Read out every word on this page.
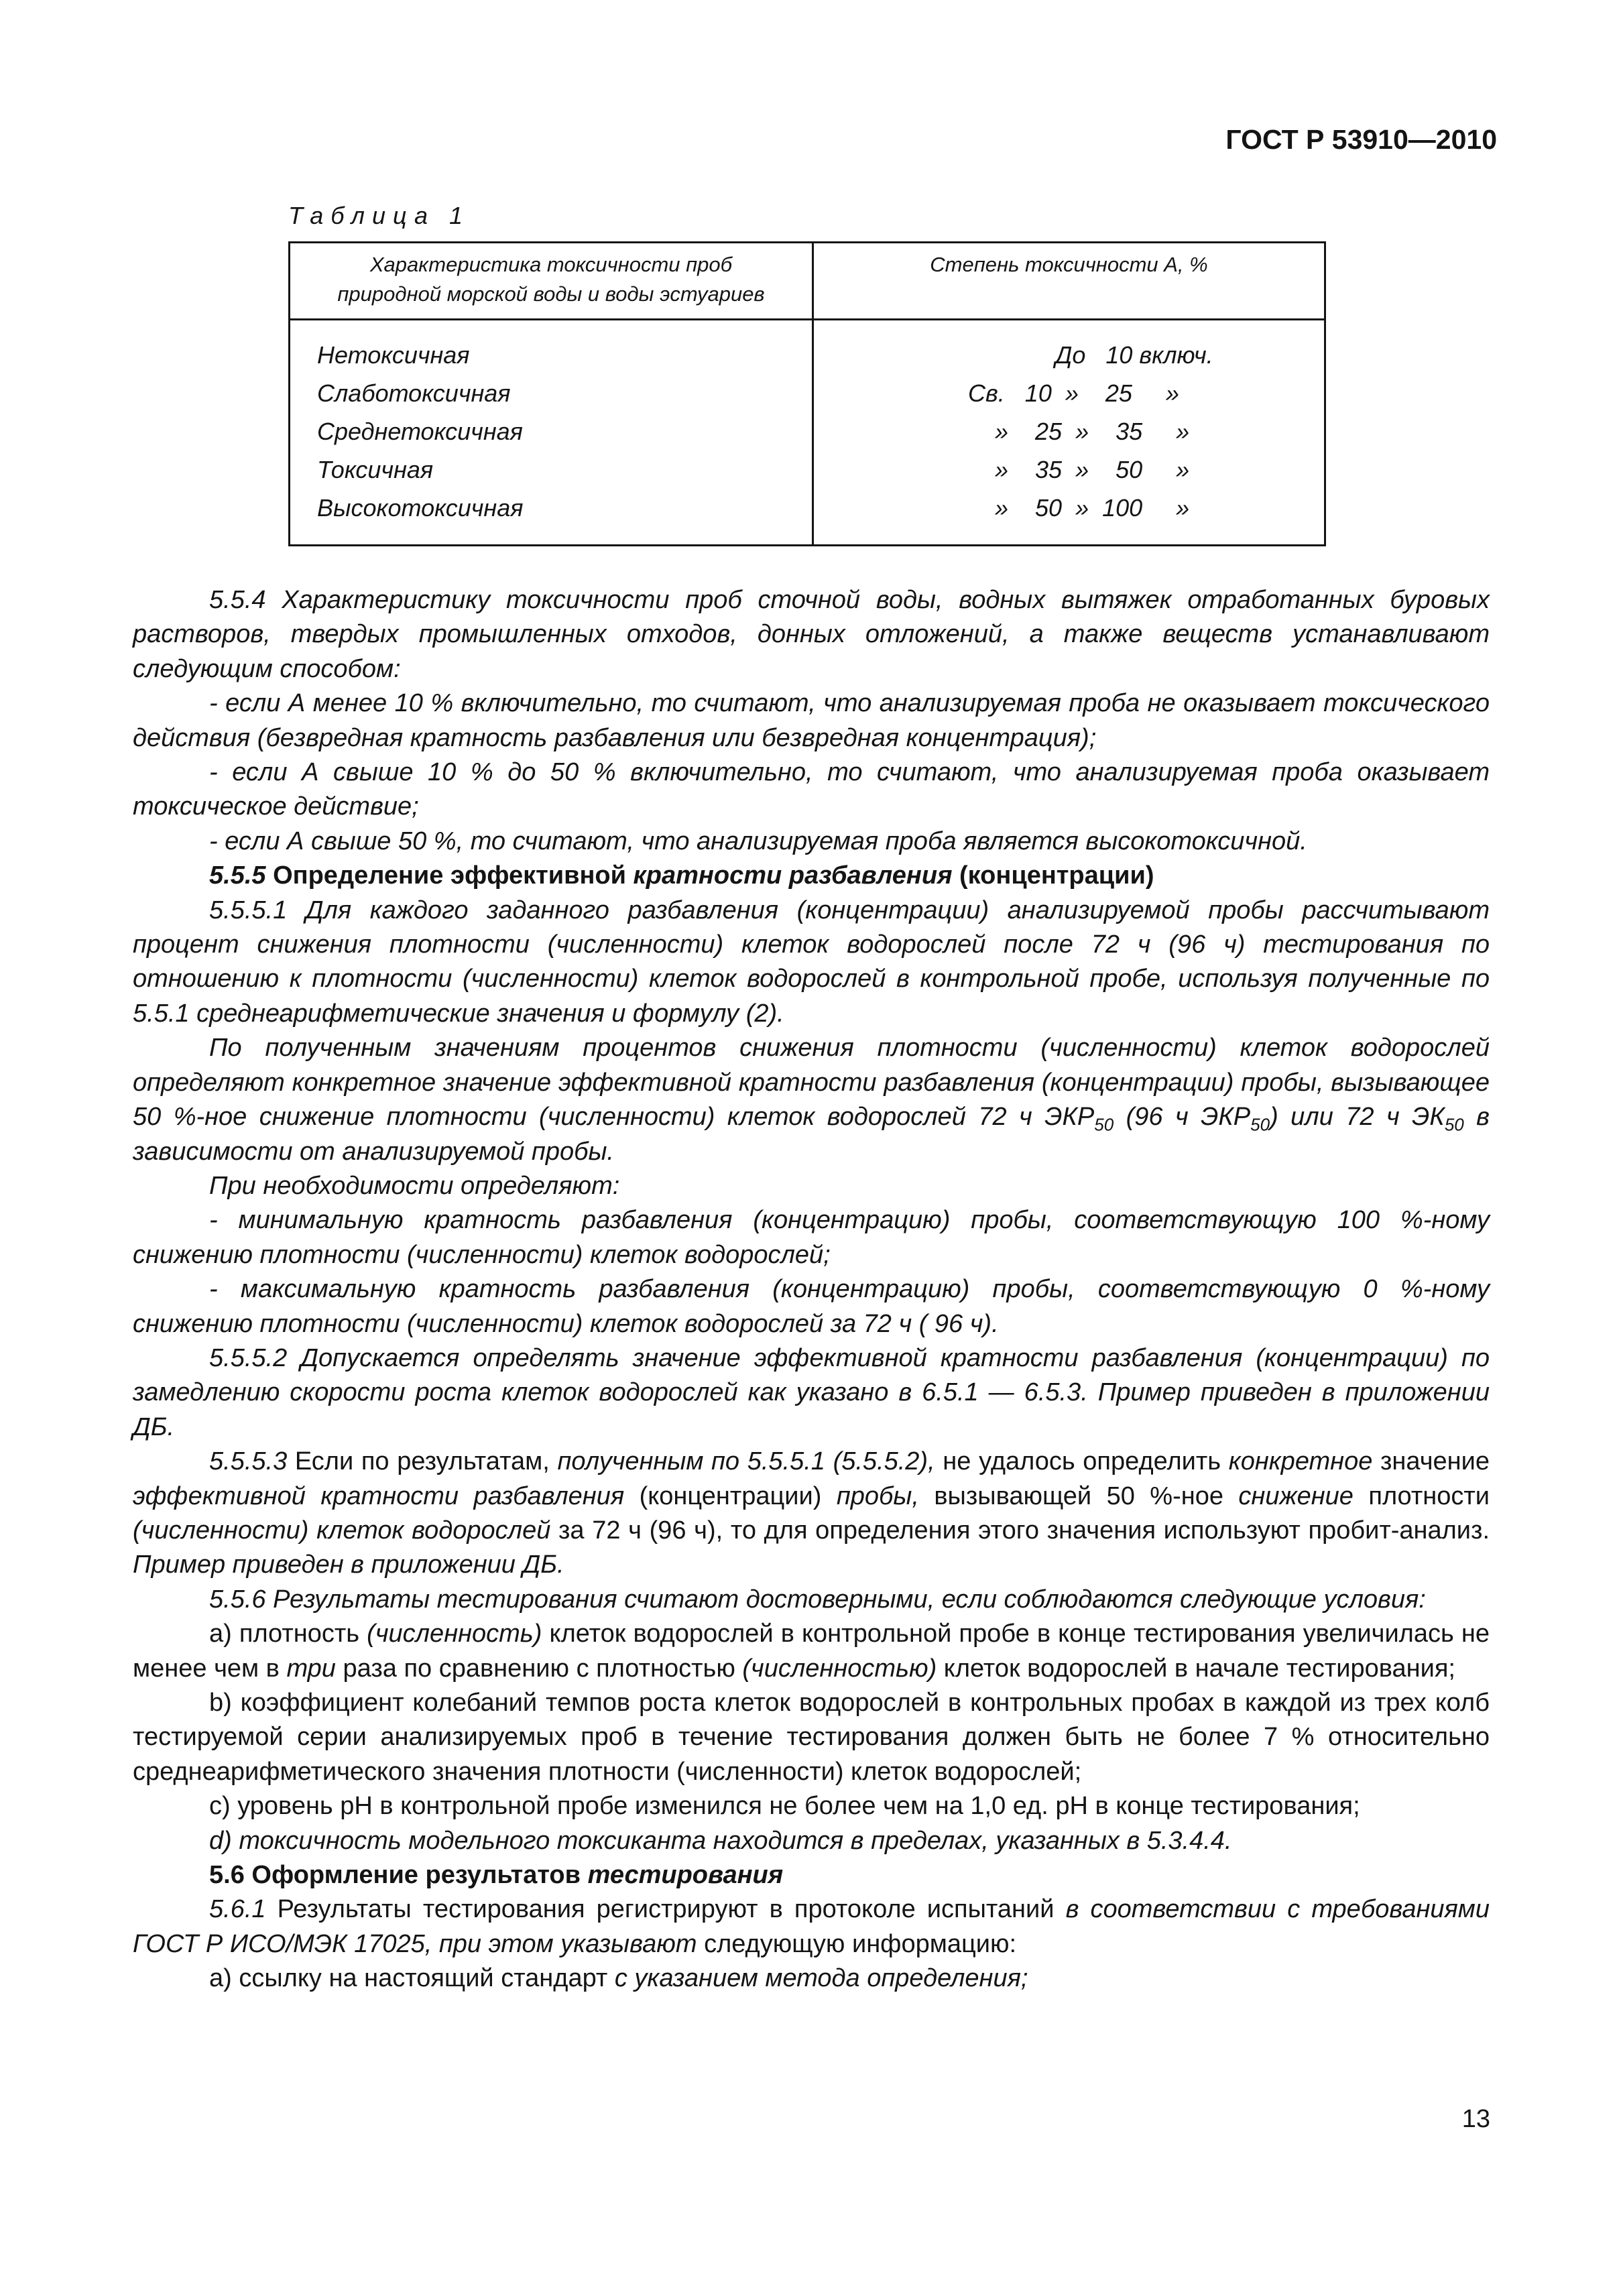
ГОСТ Р 53910—2010
Таблица 1
Характеристика токсичности проб
природной морской воды и воды эстуариев
Степень токсичности А, %
Нетоксичная	До   10 включ.
Слаботоксичная	Св.   10  »    25     »
Среднетоксичная	»    25  »    35     »
Токсичная	»    35  »    50     »
Высокотоксичная	»    50  »  100     »

5.5.4 Характеристику токсичности проб сточной воды, водных вытяжек отработанных буровых растворов, твердых промышленных отходов, донных отложений, а также веществ устанавливают следующим способом:

- если А менее 10 % включительно, то считают, что анализируемая проба не оказывает токсического действия (безвредная кратность разбавления или безвредная концентрация);

- если А свыше 10 % до 50 % включительно, то считают, что анализируемая проба оказывает токсическое действие;

- если А свыше 50 %, то считают, что анализируемая проба является высокотоксичной.

5.5.5 Определение эффективной кратности разбавления (концентрации)

5.5.5.1 Для каждого заданного разбавления (концентрации) анализируемой пробы рассчитывают процент снижения плотности (численности) клеток водорослей после 72 ч (96 ч) тестирования по отношению к плотности (численности) клеток водорослей в контрольной пробе, используя полученные по 5.5.1 среднеарифметические значения и формулу (2).

По полученным значениям процентов снижения плотности (численности) клеток водорослей определяют конкретное значение эффективной кратности разбавления (концентрации) пробы, вызывающее 50 %-ное снижение плотности (численности) клеток водорослей 72 ч $ЭКР_{50}$ (96 ч $ЭКР_{50}$) или 72 ч $ЭК_{50}$ в зависимости от анализируемой пробы.

При необходимости определяют:

- минимальную кратность разбавления (концентрацию) пробы, соответствующую 100 %-ному снижению плотности (численности) клеток водорослей;

- максимальную кратность разбавления (концентрацию) пробы, соответствующую 0 %-ному снижению плотности (численности) клеток водорослей за 72 ч ( 96 ч).

5.5.5.2 Допускается определять значение эффективной кратности разбавления (концентрации) по замедлению скорости роста клеток водорослей как указано в 6.5.1 — 6.5.3. Пример приведен в приложении ДБ.

5.5.5.3 Если по результатам, полученным по 5.5.5.1 (5.5.5.2), не удалось определить конкретное значение эффективной кратности разбавления (концентрации) пробы, вызывающей 50 %-ное снижение плотности (численности) клеток водорослей за 72 ч (96 ч), то для определения этого значения используют пробит-анализ. Пример приведен в приложении ДБ.

5.5.6 Результаты тестирования считают достоверными, если соблюдаются следующие условия:

а) плотность (численность) клеток водорослей в контрольной пробе в конце тестирования увеличилась не менее чем в три раза по сравнению с плотностью (численностью) клеток водорослей в начале тестирования;

b) коэффициент колебаний темпов роста клеток водорослей в контрольных пробах в каждой из трех колб тестируемой серии анализируемых проб в течение тестирования должен быть не более 7 % относительно среднеарифметического значения плотности (численности) клеток водорослей;

c) уровень рН в контрольной пробе изменился не более чем на 1,0 ед. рН в конце тестирования;

d) токсичность модельного токсиканта находится в пределах, указанных в 5.3.4.4.

5.6 Оформление результатов тестирования

5.6.1 Результаты тестирования регистрируют в протоколе испытаний в соответствии с требованиями ГОСТ Р ИСО/МЭК 17025, при этом указывают следующую информацию:

а) ссылку на настоящий стандарт с указанием метода определения;

13
